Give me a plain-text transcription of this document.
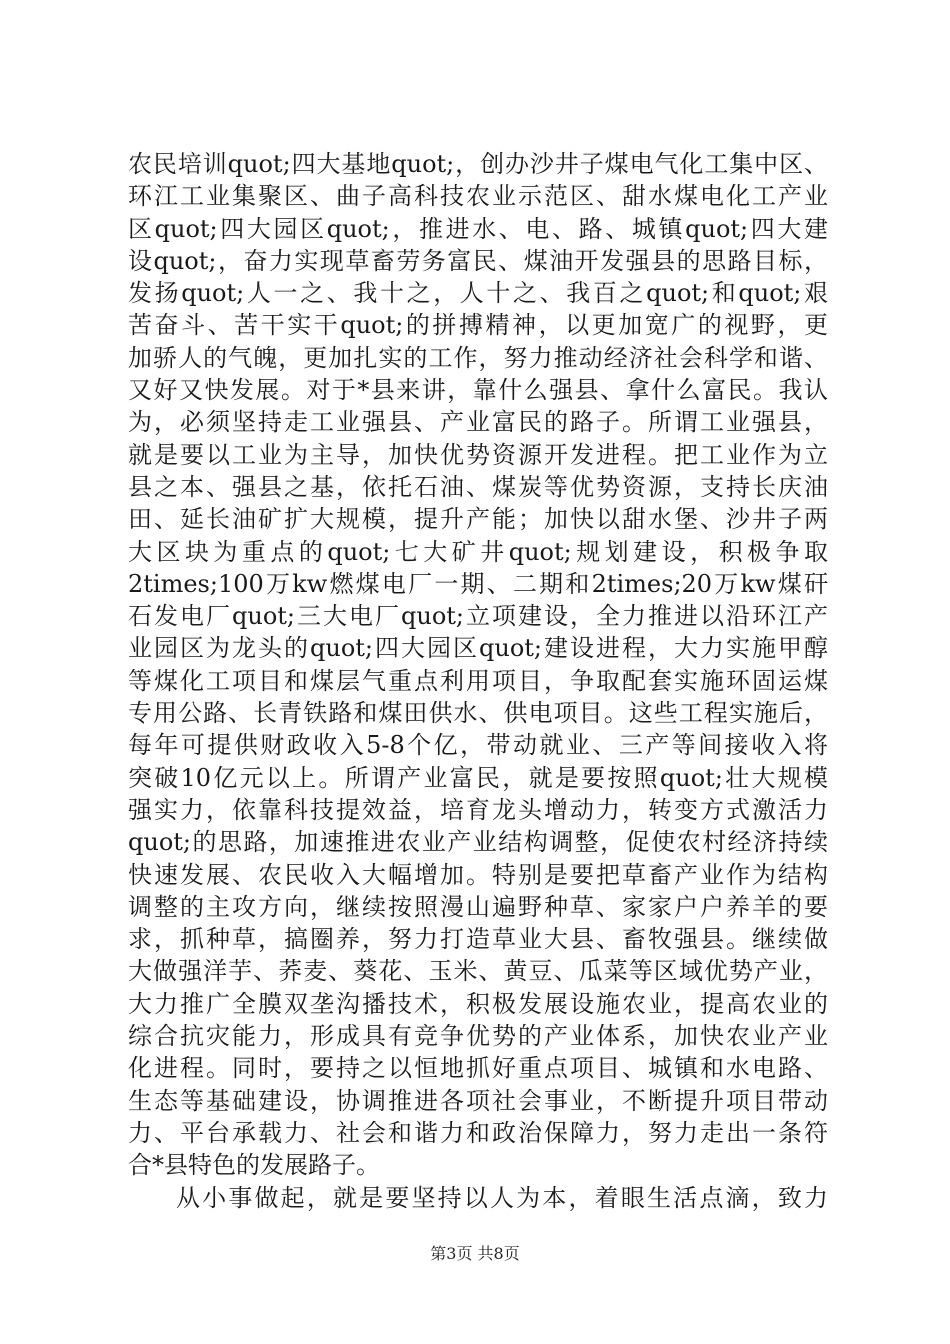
农民培训quot;四大基地quot;，创办沙井子煤电气化工集中区、
环江工业集聚区、曲子高科技农业示范区、甜水煤电化工产业
区quot;四大园区quot;，推进水、电、路、城镇quot;四大建
设quot;，奋力实现草畜劳务富民、煤油开发强县的思路目标，
发扬quot;人一之、我十之，人十之、我百之quot;和quot;艰
苦奋斗、苦干实干quot;的拼搏精神，以更加宽广的视野，更
加骄人的气魄，更加扎实的工作，努力推动经济社会科学和谐、
又好又快发展。对于*县来讲，靠什么强县、拿什么富民。我认
为，必须坚持走工业强县、产业富民的路子。所谓工业强县，
就是要以工业为主导，加快优势资源开发进程。把工业作为立
县之本、强县之基，依托石油、煤炭等优势资源，支持长庆油
田、延长油矿扩大规模，提升产能；加快以甜水堡、沙井子两
大区块为重点的quot;七大矿井quot;规划建设，积极争取
2times;100万kw燃煤电厂一期、二期和2times;20万kw煤矸
石发电厂quot;三大电厂quot;立项建设，全力推进以沿环江产
业园区为龙头的quot;四大园区quot;建设进程，大力实施甲醇
等煤化工项目和煤层气重点利用项目，争取配套实施环固运煤
专用公路、长青铁路和煤田供水、供电项目。这些工程实施后，
每年可提供财政收入5-8个亿，带动就业、三产等间接收入将
突破10亿元以上。所谓产业富民，就是要按照quot;壮大规模
强实力，依靠科技提效益，培育龙头增动力，转变方式激活力
quot;的思路，加速推进农业产业结构调整，促使农村经济持续
快速发展、农民收入大幅增加。特别是要把草畜产业作为结构
调整的主攻方向，继续按照漫山遍野种草、家家户户养羊的要
求，抓种草，搞圈养，努力打造草业大县、畜牧强县。继续做
大做强洋芋、荞麦、葵花、玉米、黄豆、瓜菜等区域优势产业，
大力推广全膜双垄沟播技术，积极发展设施农业，提高农业的
综合抗灾能力，形成具有竞争优势的产业体系，加快农业产业
化进程。同时，要持之以恒地抓好重点项目、城镇和水电路、
生态等基础建设，协调推进各项社会事业，不断提升项目带动
力、平台承载力、社会和谐力和政治保障力，努力走出一条符
合*县特色的发展路子。
从小事做起，就是要坚持以人为本，着眼生活点滴，致力
第3页 共8页
